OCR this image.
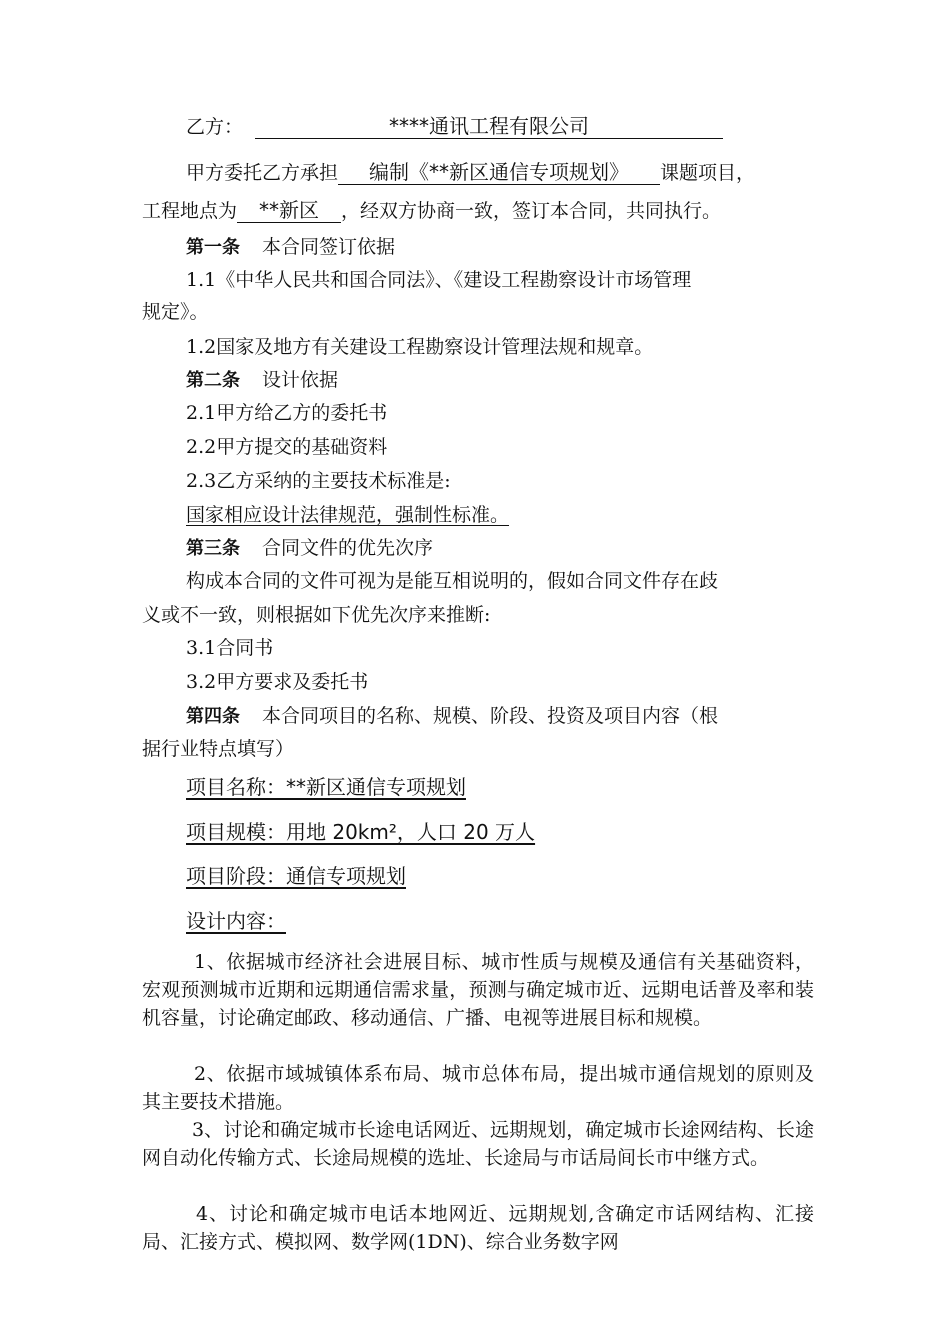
乙方：	****通讯工程有限公司
甲方委托乙方承担 编制《**新区通信专项规划》 课题项目，
工程地点为 **新区 ，经双方协商一致，签订本合同，共同执行。
第一条 本合同签订依据
1.1《中华人民共和国合同法》、《建设工程勘察设计市场管理
规定》。
1.2国家及地方有关建设工程勘察设计管理法规和规章。
第二条 设计依据
2.1甲方给乙方的委托书
2.2甲方提交的基础资料
2.3乙方采纳的主要技术标准是:
国家相应设计法律规范，强制性标准。
第三条 合同文件的优先次序
构成本合同的文件可视为是能互相说明的，假如合同文件存在歧
义或不一致，则根据如下优先次序来推断:
3.1合同书
3.2甲方要求及委托书
第四条 本合同项目的名称、规模、阶段、投资及项目内容（根
据行业特点填写）
项目名称：**新区通信专项规划
项目规模：用地 20km²，人口 20 万人
项目阶段：通信专项规划
设计内容：
1、依据城市经济社会进展目标、城市性质与规模及通信有关基础资料，宏观预测城市近期和远期通信需求量，预测与确定城市近、远期电话普及率和装机容量，讨论确定邮政、移动通信、广播、电视等进展目标和规模。
2、依据市域城镇体系布局、城市总体布局，提出城市通信规划的原则及其主要技术措施。
3、讨论和确定城市长途电话网近、远期规划，确定城市长途网结构、长途网自动化传输方式、长途局规模的选址、长途局与市话局间长市中继方式。
4、讨论和确定城市电话本地网近、远期规划,含确定市话网结构、汇接局、汇接方式、模拟网、数学网(1DN)、综合业务数字网
